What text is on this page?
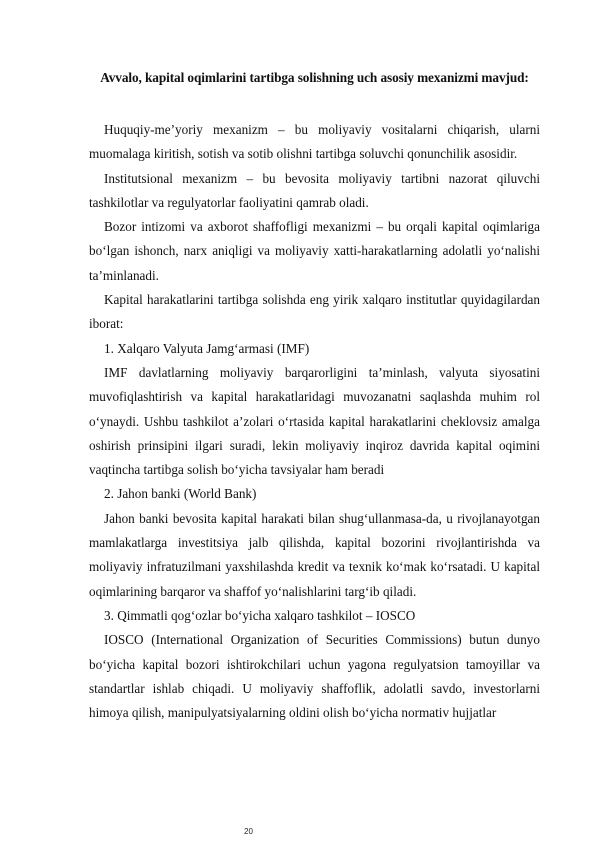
Avvalo, kapital oqimlarini tartibga solishning uch asosiy mexanizmi mavjud:

Huquqiy-me’yoriy mexanizm – bu moliyaviy vositalarni chiqarish, ularni muomalaga kiritish, sotish va sotib olishni tartibga soluvchi qonunchilik asosidir.

Institutsional mexanizm – bu bevosita moliyaviy tartibni nazorat qiluvchi tashkilotlar va regulyatorlar faoliyatini qamrab oladi.

Bozor intizomi va axborot shaffofligi mexanizmi – bu orqali kapital oqimlariga bo‘lgan ishonch, narx aniqligi va moliyaviy xatti-harakatlarning adolatli yo‘nalishi ta’minlanadi.

Kapital harakatlarini tartibga solishda eng yirik xalqaro institutlar quyidagilardan iborat:

1. Xalqaro Valyuta Jamg‘armasi (IMF)

IMF davlatlarning moliyaviy barqarorligini ta’minlash, valyuta siyosatini muvofiqlashtirish va kapital harakatlaridagi muvozanatni saqlashda muhim rol o‘ynaydi. Ushbu tashkilot a’zolari o‘rtasida kapital harakatlarini cheklovsiz amalga oshirish prinsipini ilgari suradi, lekin moliyaviy inqiroz davrida kapital oqimini vaqtincha tartibga solish bo‘yicha tavsiyalar ham beradi

2. Jahon banki (World Bank)

Jahon banki bevosita kapital harakati bilan shug‘ullanmasa-da, u rivojlanayotgan mamlakatlarga investitsiya jalb qilishda, kapital bozorini rivojlantirishda va moliyaviy infratuzilmani yaxshilashda kredit va texnik ko‘mak ko‘rsatadi. U kapital oqimlarining barqaror va shaffof yo‘nalishlarini targ‘ib qiladi.

3. Qimmatli qog‘ozlar bo‘yicha xalqaro tashkilot – IOSCO

IOSCO (International Organization of Securities Commissions) butun dunyo bo‘yicha kapital bozori ishtirokchilari uchun yagona regulyatsion tamoyillar va standartlar ishlab chiqadi. U moliyaviy shaffoflik, adolatli savdo, investorlarni himoya qilish, manipulyatsiyalarning oldini olish bo‘yicha normativ hujjatlar

20
